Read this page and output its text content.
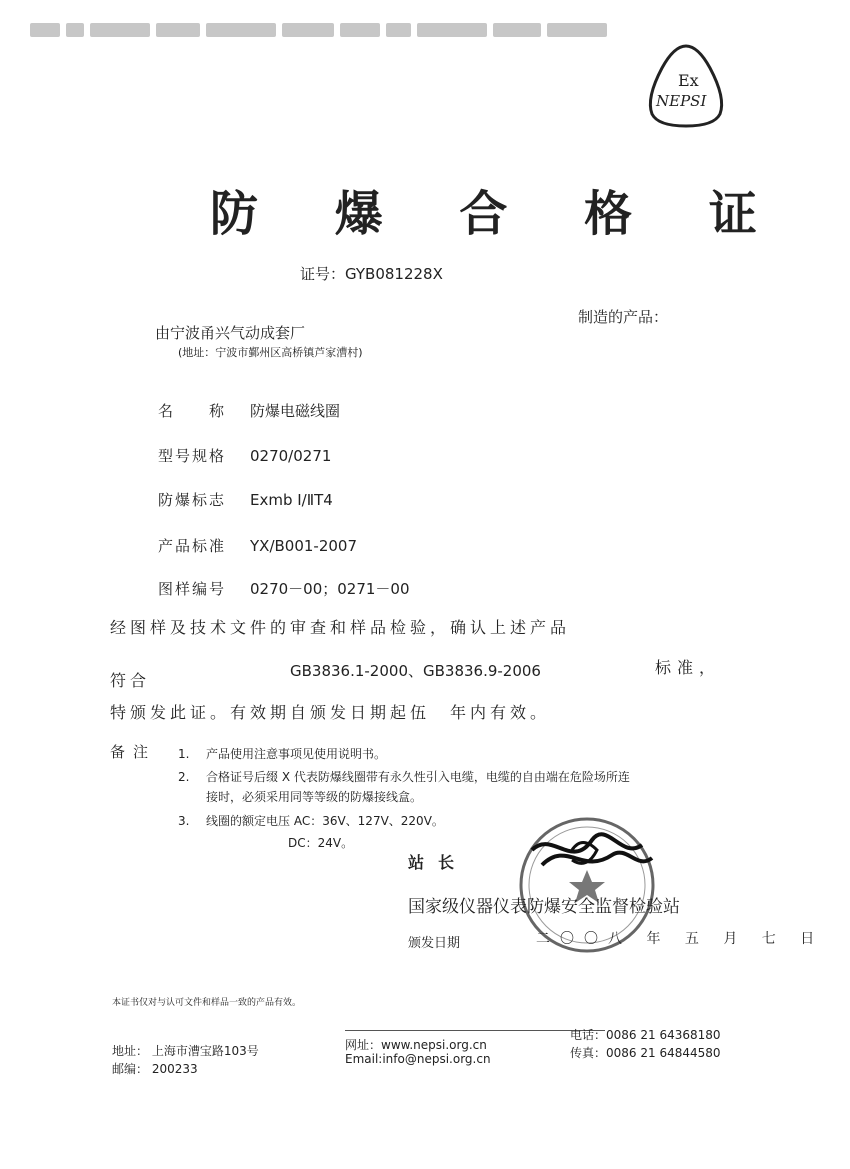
Ex
NEPSI
防 爆 合 格 证
证号：GYB081228X
由宁波甬兴气动成套厂
(地址：宁波市鄞州区高桥镇芦家漕村)
制造的产品：
名　　称 防爆电磁线圈
型号规格 0270/0271
防爆标志 Exmb Ⅰ/ⅡT4
产品标准 YX/B001-2007
图样编号 0270－00；0271－00
经图样及技术文件的审查和样品检验，确认上述产品
符合	GB3836.1-2000、GB3836.9-2006	标准，
特颁发此证。有效期自颁发日期起伍　年内有效。
备注 1. 产品使用注意事项见使用说明书。
2. 合格证号后缀 X 代表防爆线圈带有永久性引入电缆，电缆的自由端在危险场所连
接时，必须采用同等等级的防爆接线盒。
3. 线圈的额定电压 AC：36V、127V、220V。
DC：24V。
站长
国家级仪器仪表防爆安全监督检验站
颁发日期	二〇〇八 年 五 月 七 日
本证书仅对与认可文件和样品一致的产品有效。
地址： 上海市漕宝路103号
邮编： 200233
网址：www.nepsi.org.cn
Email:info@nepsi.org.cn
电话：0086 21 64368180
传真：0086 21 64844580
